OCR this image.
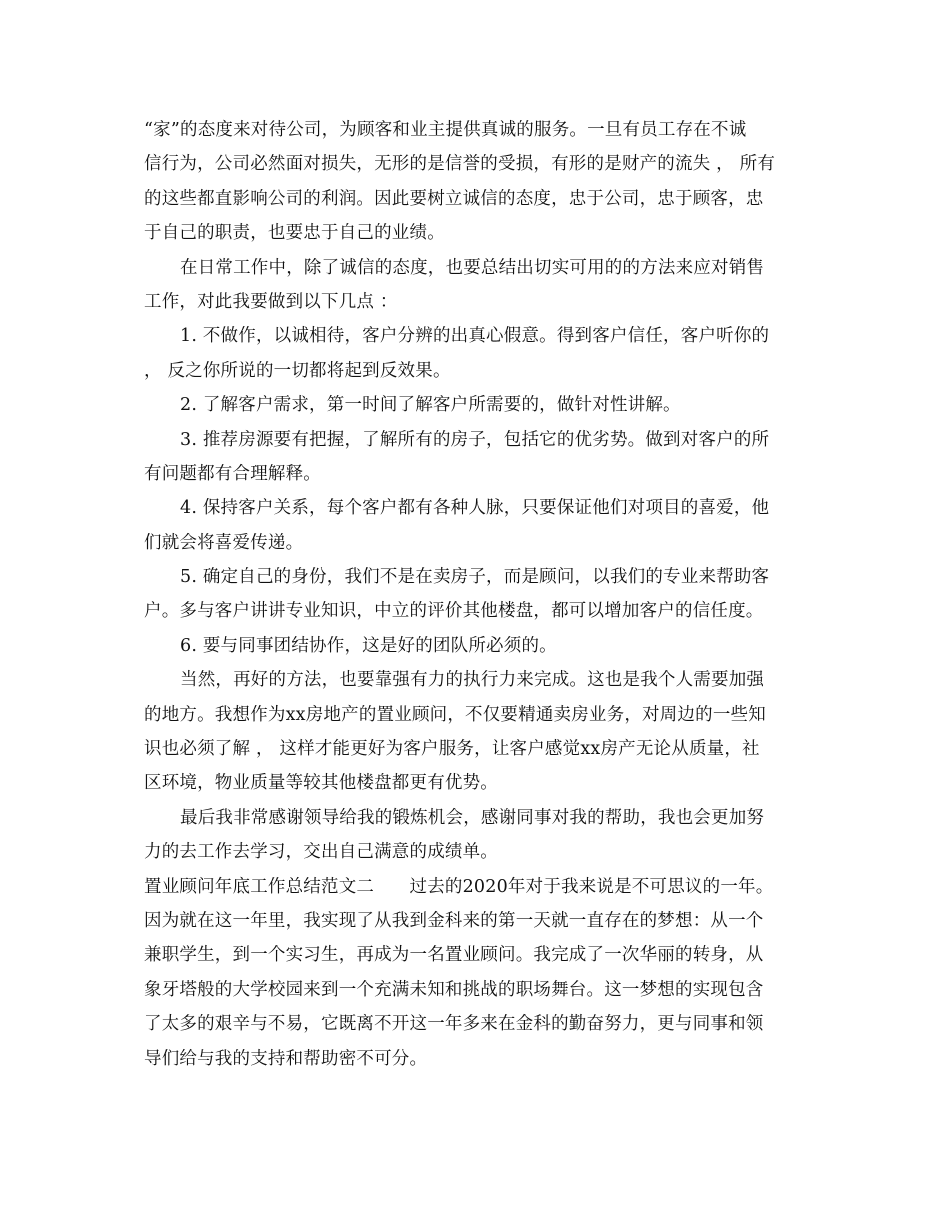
“家”的态度来对待公司，为顾客和业主提供真诚的服务。一旦有员工存在不诚
信行为，公司必然面对损失，无形的是信誉的受损，有形的是财产的流失 ， 所有
的这些都直影响公司的利润。因此要树立诚信的态度，忠于公司，忠于顾客，忠
于自己的职责，也要忠于自己的业绩。
在日常工作中，除了诚信的态度，也要总结出切实可用的的方法来应对销售
工作，对此我要做到以下几点 ：
1. 不做作，以诚相待，客户分辨的出真心假意。得到客户信任，客户听你的
， 反之你所说的一切都将起到反效果。
2. 了解客户需求，第一时间了解客户所需要的，做针对性讲解。
3. 推荐房源要有把握，了解所有的房子，包括它的优劣势。做到对客户的所
有问题都有合理解释。
4. 保持客户关系，每个客户都有各种人脉，只要保证他们对项目的喜爱，他
们就会将喜爱传递。
5. 确定自己的身份，我们不是在卖房子，而是顾问，以我们的专业来帮助客
户。多与客户讲讲专业知识，中立的评价其他楼盘，都可以增加客户的信任度。
6. 要与同事团结协作，这是好的团队所必须的。
当然，再好的方法，也要靠强有力的执行力来完成。这也是我个人需要加强
的地方。我想作为xx房地产的置业顾问，不仅要精通卖房业务，对周边的一些知
识也必须了解 ， 这样才能更好为客户服务，让客户感觉xx房产无论从质量，社
区环境，物业质量等较其他楼盘都更有优势。
最后我非常感谢领导给我的锻炼机会，感谢同事对我的帮助，我也会更加努
力的去工作去学习，交出自己满意的成绩单。
置业顾问年底工作总结范文二　　过去的2020年对于我来说是不可思议的一年。
因为就在这一年里，我实现了从我到金科来的第一天就一直存在的梦想：从一个
兼职学生，到一个实习生，再成为一名置业顾问。我完成了一次华丽的转身，从
象牙塔般的大学校园来到一个充满未知和挑战的职场舞台。这一梦想的实现包含
了太多的艰辛与不易，它既离不开这一年多来在金科的勤奋努力，更与同事和领
导们给与我的支持和帮助密不可分。
